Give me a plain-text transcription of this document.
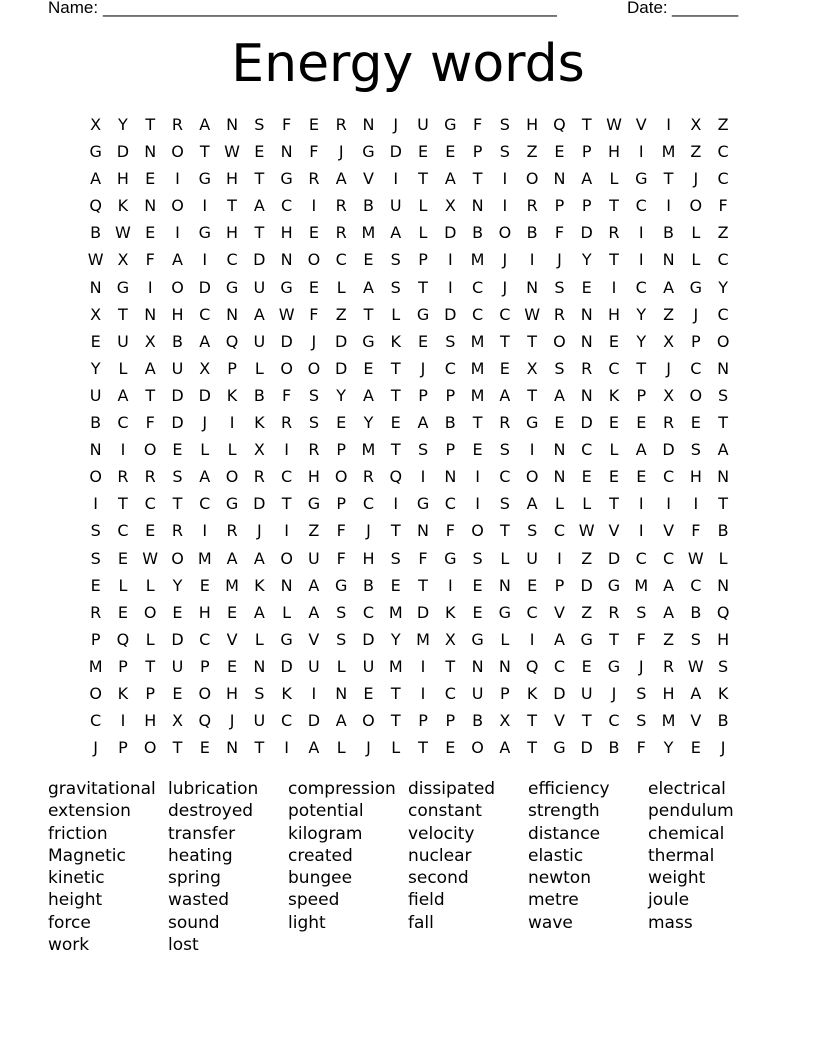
Name: ________________________________________________	Date: _______
Energy words
X Y T R A N S F E R N J U G F S H Q T W V I X Z
G D N O T W E N F J G D E E P S Z E P H I M Z C
A H E I G H T G R A V I T A T I O N A L G T J C
Q K N O I T A C I R B U L X N I R P P T C I O F
B W E I G H T H E R M A L D B O B F D R I B L Z
W X F A I C D N O C E S P I M J I J Y T I N L C
N G I O D G U G E L A S T I C J N S E I C A G Y
X T N H C N A W F Z T L G D C C W R N H Y Z J C
E U X B A Q U D J D G K E S M T T O N E Y X P O
Y L A U X P L O O D E T J C M E X S R C T J C N
U A T D D K B F S Y A T P P M A T A N K P X O S
B C F D J I K R S E Y E A B T R G E D E E R E T
N I O E L L X I R P M T S P E S I N C L A D S A
O R R S A O R C H O R Q I N I C O N E E E C H N
I T C T C G D T G P C I G C I S A L L T I I I T
S C E R I R J I Z F J T N F O T S C W V I V F B
S E W O M A A O U F H S F G S L U I Z D C C W L
E L L Y E M K N A G B E T I E N E P D G M A C N
R E O E H E A L A S C M D K E G C V Z R S A B Q
P Q L D C V L G V S D Y M X G L I A G T F Z S H
M P T U P E N D U L U M I T N N Q C E G J R W S
O K P E O H S K I N E T I C U P K D U J S H A K
C I H X Q J U C D A O T P P B X T V T C S M V B
J P O T E N T I A L J L T E O A T G D B F Y E J
gravitational
extension
friction
Magnetic
kinetic
height
force
work
lubrication
destroyed
transfer
heating
spring
wasted
sound
lost
compression
potential
kilogram
created
bungee
speed
light
dissipated
constant
velocity
nuclear
second
field
fall
efficiency
strength
distance
elastic
newton
metre
wave
electrical
pendulum
chemical
thermal
weight
joule
mass
